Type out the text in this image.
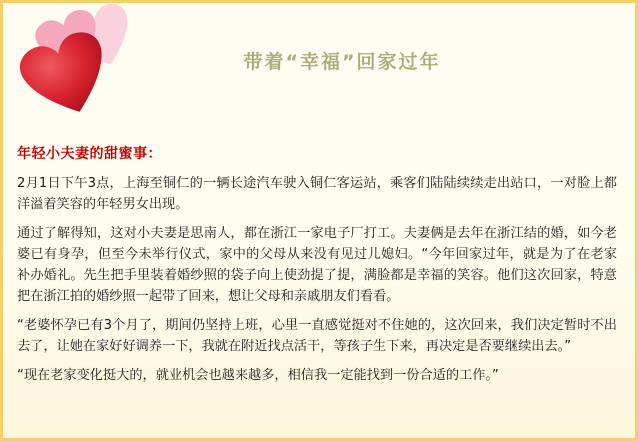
带着“幸福”回家过年

年轻小夫妻的甜蜜事：

2月1日下午3点，上海至铜仁的一辆长途汽车驶入铜仁客运站，乘客们陆陆续续走出站口，一对脸上都洋溢着笑容的年轻男女出现。

通过了解得知，这对小夫妻是思南人，都在浙江一家电子厂打工。夫妻俩是去年在浙江结的婚，如今老婆已有身孕，但至今未举行仪式，家中的父母从来没有见过儿媳妇。“今年回家过年，就是为了在老家补办婚礼。先生把手里装着婚纱照的袋子向上使劲提了提，满脸都是幸福的笑容。他们这次回家，特意把在浙江拍的婚纱照一起带了回来，想让父母和亲戚朋友们看看。

“老婆怀孕已有3个月了，期间仍坚持上班，心里一直感觉挺对不住她的，这次回来，我们决定暂时不出去了，让她在家好好调养一下，我就在附近找点活干，等孩子生下来，再决定是否要继续出去。”

“现在老家变化挺大的，就业机会也越来越多，相信我一定能找到一份合适的工作。”
